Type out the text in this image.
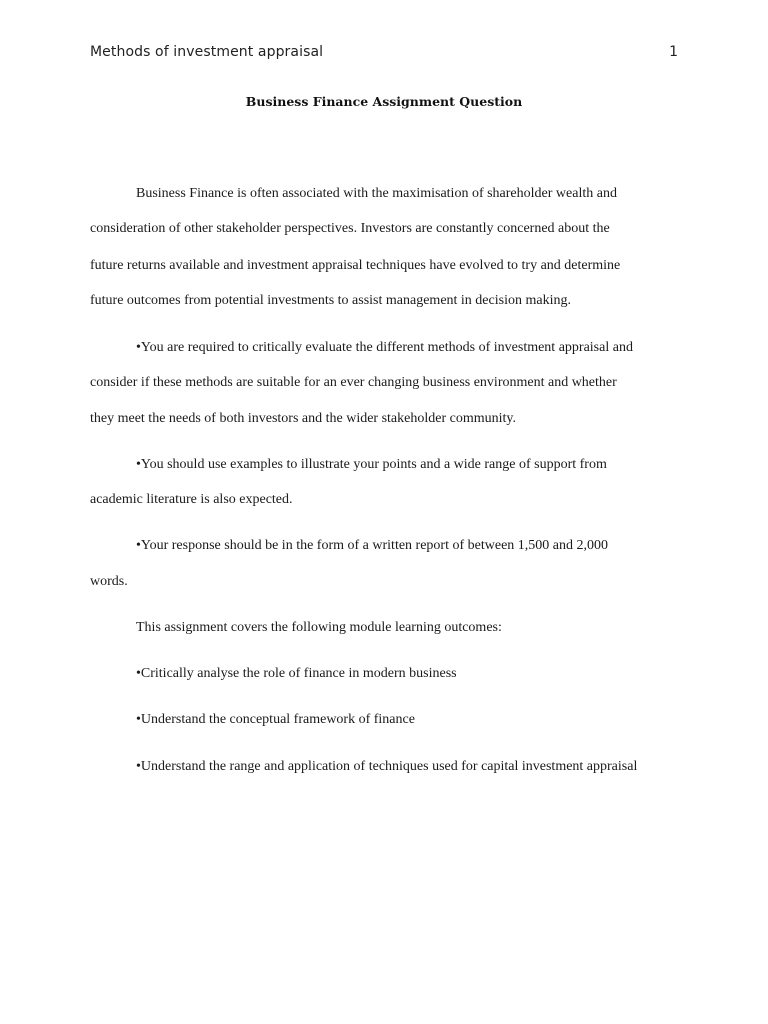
Methods of investment appraisal	1
Business Finance Assignment Question
Business Finance is often associated with the maximisation of shareholder wealth and
consideration of other stakeholder perspectives. Investors are constantly concerned about the
future returns available and investment appraisal techniques have evolved to try and determine
future outcomes from potential investments to assist management in decision making.
•You are required to critically evaluate the different methods of investment appraisal and
consider if these methods are suitable for an ever changing business environment and whether
they meet the needs of both investors and the wider stakeholder community.
•You should use examples to illustrate your points and a wide range of support from
academic literature is also expected.
•Your response should be in the form of a written report of between 1,500 and 2,000
words.
This assignment covers the following module learning outcomes:
•Critically analyse the role of finance in modern business
•Understand the conceptual framework of finance
•Understand the range and application of techniques used for capital investment appraisal
